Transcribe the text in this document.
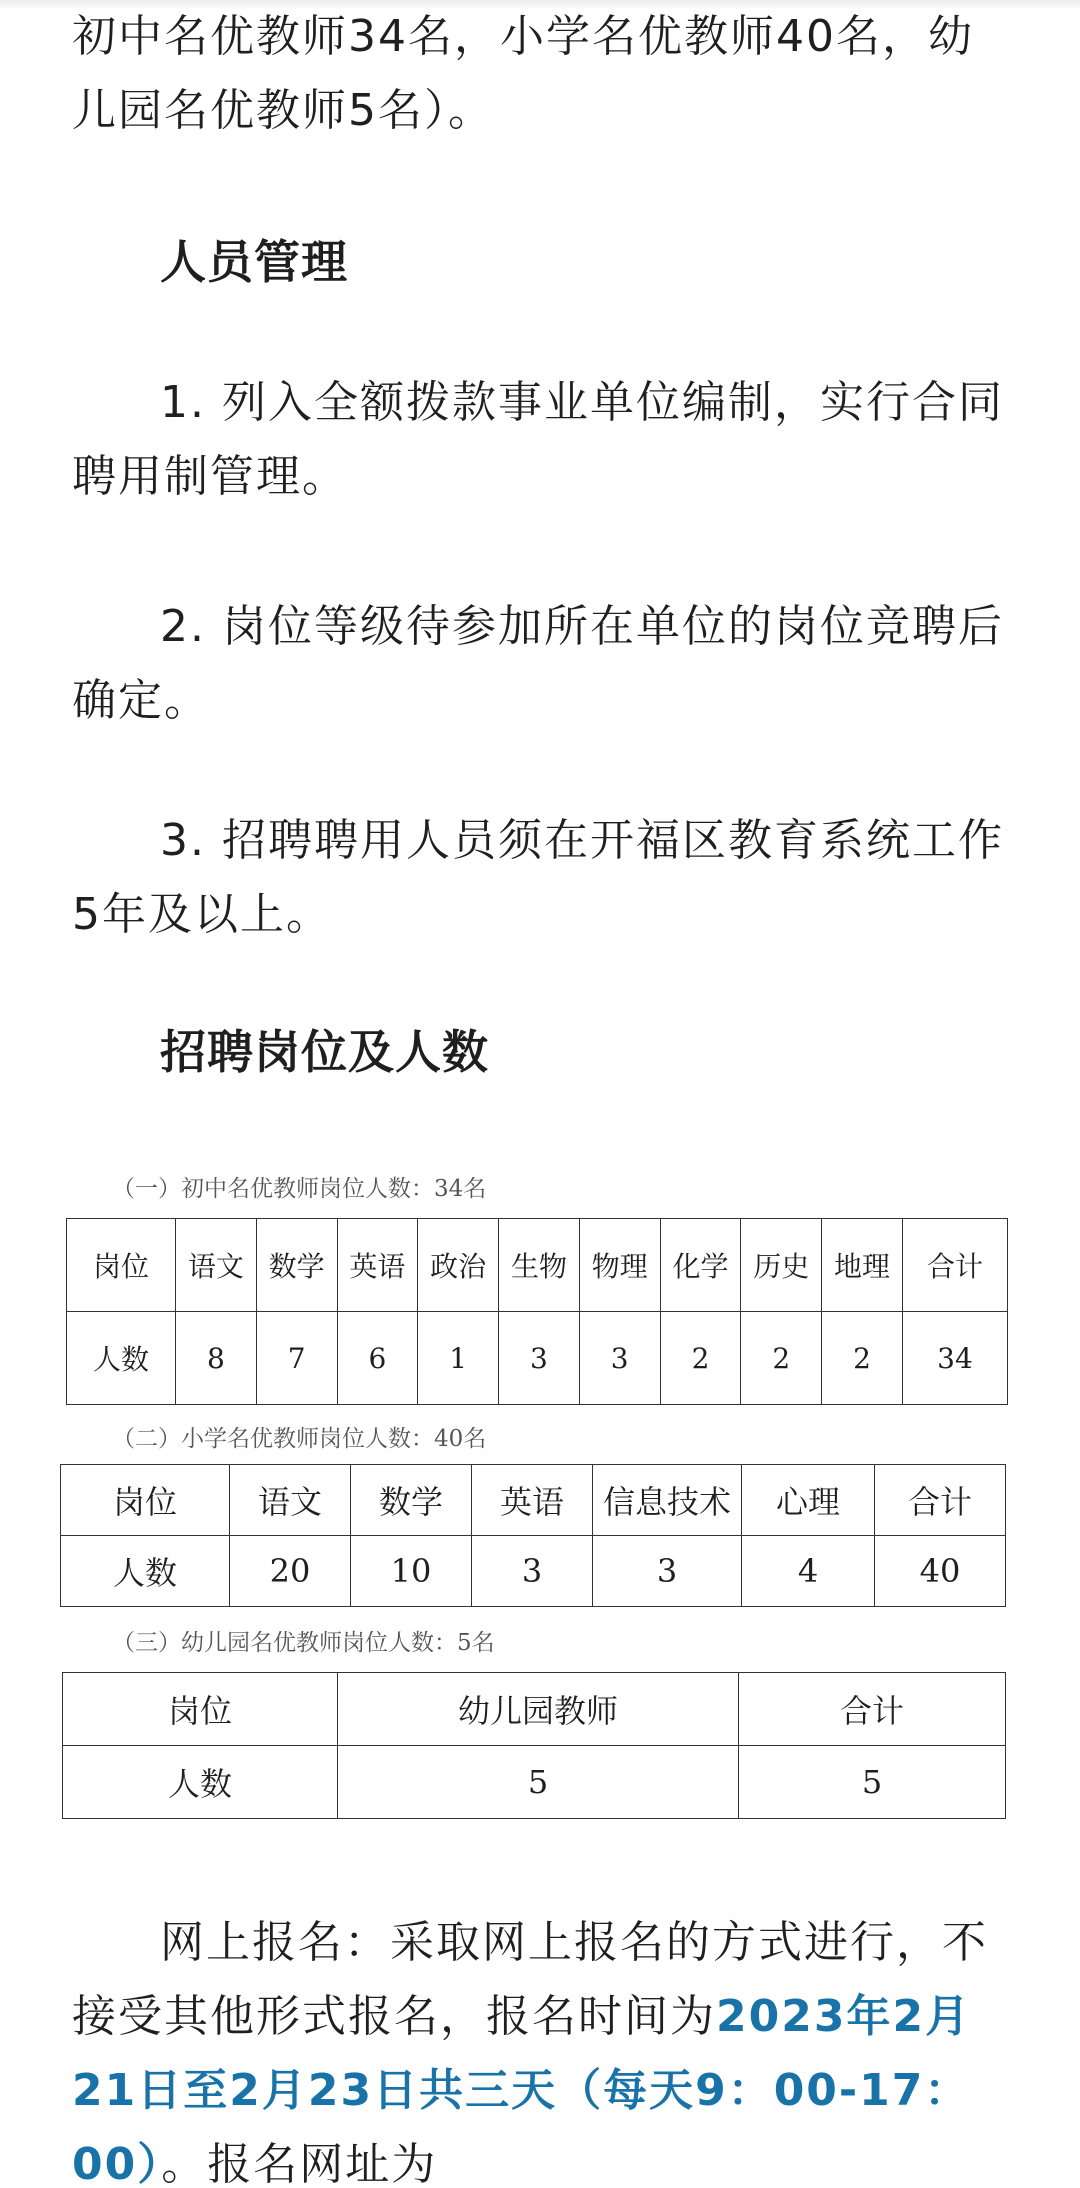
初中名优教师34名，小学名优教师40名，幼

儿园名优教师5名）。

人员管理

1. 列入全额拨款事业单位编制，实行合同聘用制管理。

2. 岗位等级待参加所在单位的岗位竞聘后确定。

3. 招聘聘用人员须在开福区教育系统工作5年及以上。

招聘岗位及人数

（一）初中名优教师岗位人数：34名

岗位	语文	数学	英语	政治	生物	物理	化学	历史	地理	合计
人数	8	7	6	1	3	3	2	2	2	34

（二）小学名优教师岗位人数：40名

岗位	语文	数学	英语	信息技术	心理	合计
人数	20	10	3	3	4	40

（三）幼儿园名优教师岗位人数：5名

岗位	幼儿园教师	合计
人数	5	5

网上报名：采取网上报名的方式进行，不接受其他形式报名，报名时间为2023年2月21日至2月23日共三天（每天9：00-17：00）。报名网址为
